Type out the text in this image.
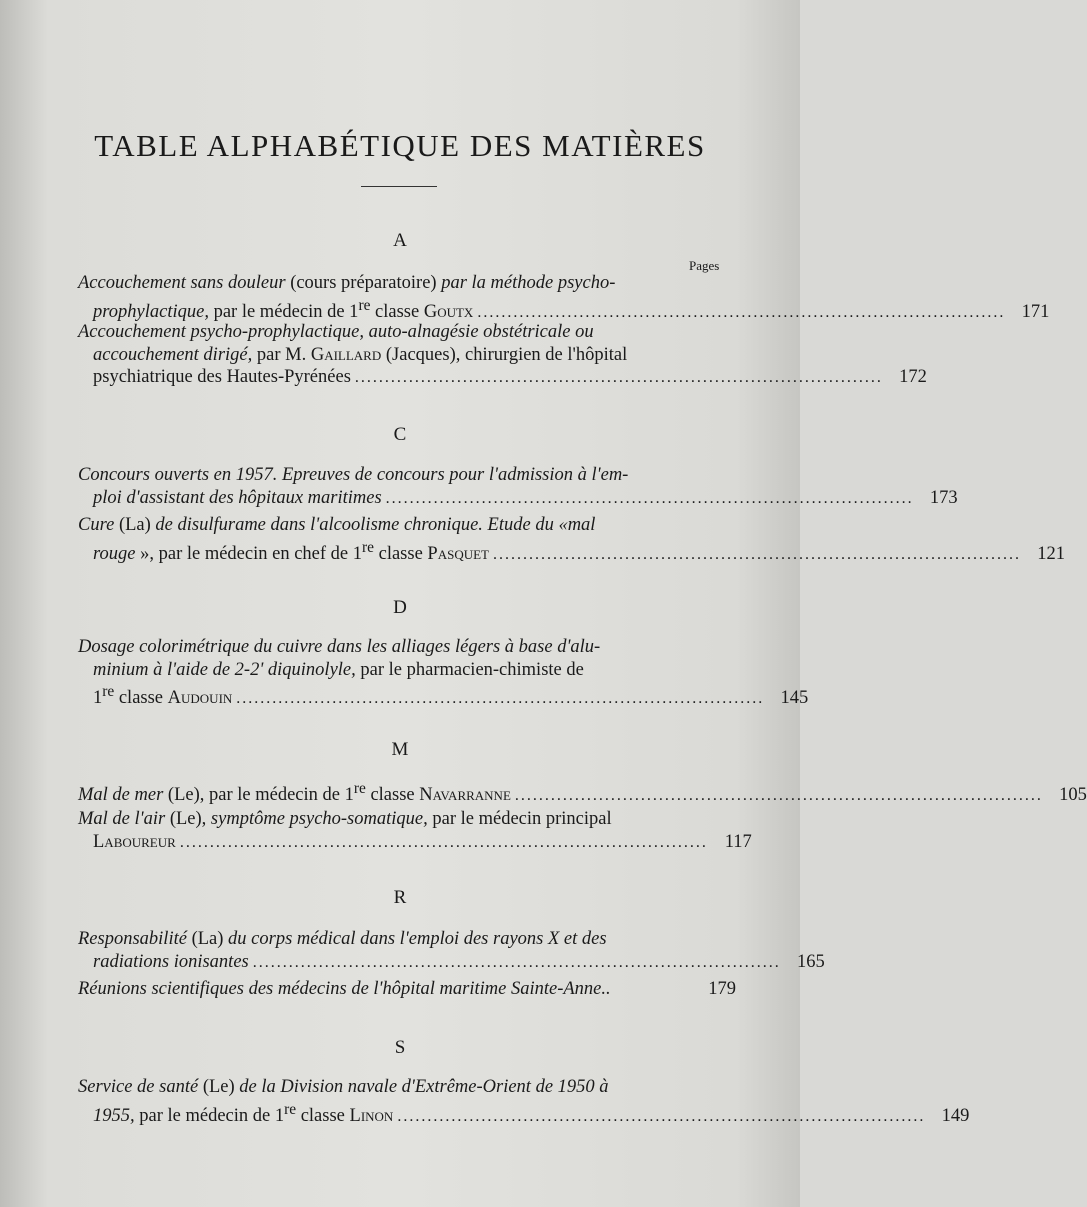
TABLE ALPHABÉTIQUE DES MATIÈRES
A
Pages
Accouchement sans douleur (cours préparatoire) par la méthode psycho-
prophylactique, par le médecin de 1re classe Goutx ........................................................................................ 171
Accouchement psycho-prophylactique, auto-alnagésie obstétricale ou
accouchement dirigé, par M. Gaillard (Jacques), chirurgien de l'hôpital
psychiatrique des Hautes-Pyrénées ........................................................................................ 172
C
Concours ouverts en 1957. Epreuves de concours pour l'admission à l'em-
ploi d'assistant des hôpitaux maritimes ........................................................................................ 173
Cure (La) de disulfurame dans l'alcoolisme chronique. Etude du «mal
rouge », par le médecin en chef de 1re classe Pasquet ........................................................................................ 121
D
Dosage colorimétrique du cuivre dans les alliages légers à base d'alu-
minium à l'aide de 2-2' diquinolyle, par le pharmacien-chimiste de
1re classe Audouin ........................................................................................ 145
M
Mal de mer (Le), par le médecin de 1re classe Navarranne ........................................................................................ 105
Mal de l'air (Le), symptôme psycho-somatique, par le médecin principal
Laboureur ........................................................................................ 117
R
Responsabilité (La) du corps médical dans l'emploi des rayons X et des
radiations ionisantes ........................................................................................ 165
Réunions scientifiques des médecins de l'hôpital maritime Sainte-Anne..	179
S
Service de santé (Le) de la Division navale d'Extrême-Orient de 1950 à
1955, par le médecin de 1re classe Linon ........................................................................................ 149
